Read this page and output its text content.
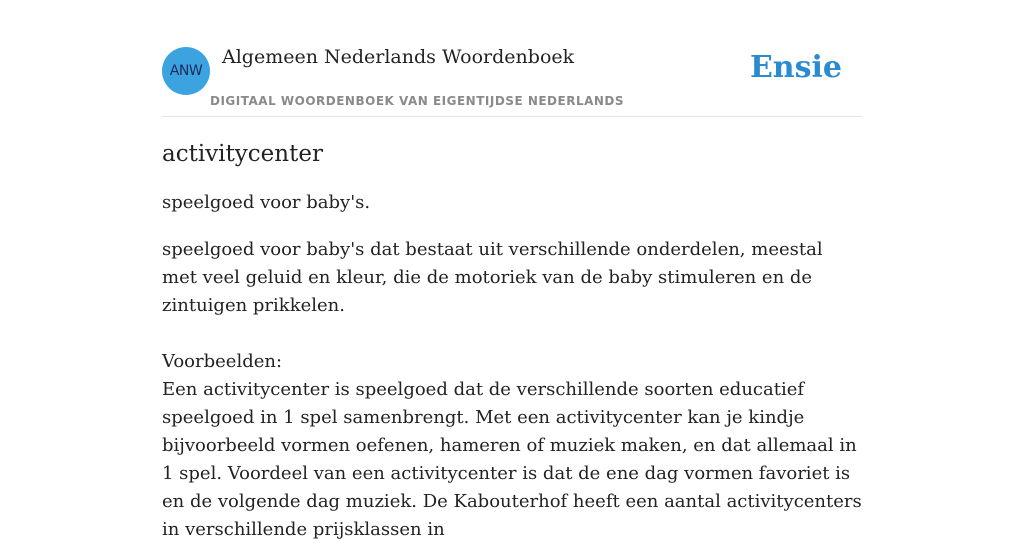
ANW
Algemeen Nederlands Woordenboek
DIGITAAL WOORDENBOEK VAN EIGENTIJDSE NEDERLANDS
Ensie
activitycenter

speelgoed voor baby's.

speelgoed voor baby's dat bestaat uit verschillende onderdelen, meestal met veel geluid en kleur, die de motoriek van de baby stimuleren en de zintuigen prikkelen.

Voorbeelden:

Een activitycenter is speelgoed dat de verschillende soorten educatief speelgoed in 1 spel samenbrengt. Met een activitycenter kan je kindje bijvoorbeeld vormen oefenen, hameren of muziek maken, en dat allemaal in 1 spel. Voordeel van een activitycenter is dat de ene dag vormen favoriet is en de volgende dag muziek. De Kabouterhof heeft een aantal activitycenters in verschillende prijsklassen in
